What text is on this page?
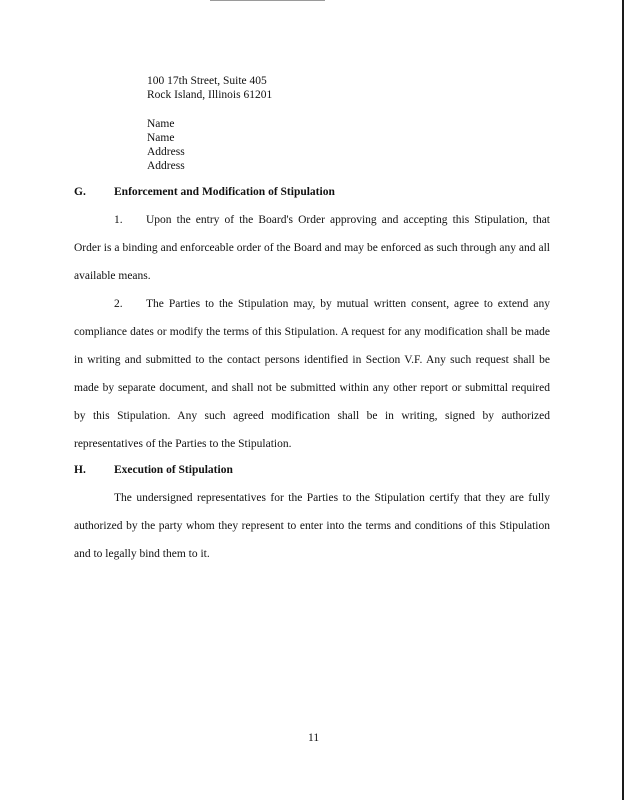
100 17th Street, Suite 405
Rock Island, Illinois 61201
Name
Name
Address
Address
G. Enforcement and Modification of Stipulation
1. Upon the entry of the Board's Order approving and accepting this Stipulation, that Order is a binding and enforceable order of the Board and may be enforced as such through any and all available means.
2. The Parties to the Stipulation may, by mutual written consent, agree to extend any compliance dates or modify the terms of this Stipulation. A request for any modification shall be made in writing and submitted to the contact persons identified in Section V.F. Any such request shall be made by separate document, and shall not be submitted within any other report or submittal required by this Stipulation. Any such agreed modification shall be in writing, signed by authorized representatives of the Parties to the Stipulation.
H. Execution of Stipulation
The undersigned representatives for the Parties to the Stipulation certify that they are fully authorized by the party whom they represent to enter into the terms and conditions of this Stipulation and to legally bind them to it.
11
